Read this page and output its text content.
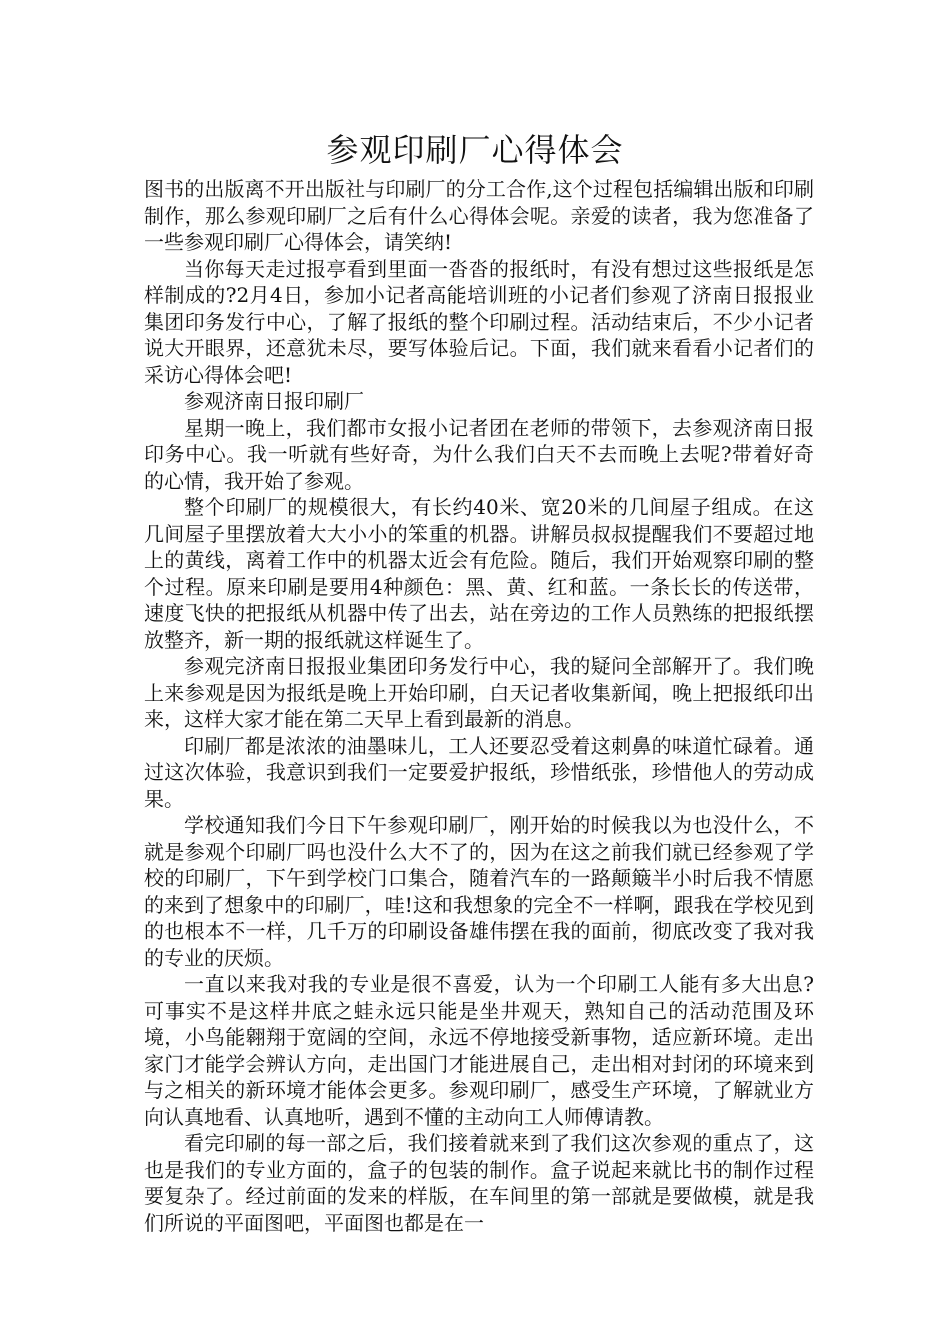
参观印刷厂心得体会

图书的出版离不开出版社与印刷厂的分工合作,这个过程包括编辑出版和印刷制作，那么参观印刷厂之后有什么心得体会呢。亲爱的读者，我为您准备了一些参观印刷厂心得体会，请笑纳!

当你每天走过报亭看到里面一沓沓的报纸时，有没有想过这些报纸是怎样制成的?2月4日，参加小记者高能培训班的小记者们参观了济南日报报业集团印务发行中心，了解了报纸的整个印刷过程。活动结束后，不少小记者说大开眼界，还意犹未尽，要写体验后记。下面，我们就来看看小记者们的采访心得体会吧!

参观济南日报印刷厂

星期一晚上，我们都市女报小记者团在老师的带领下，去参观济南日报印务中心。我一听就有些好奇，为什么我们白天不去而晚上去呢?带着好奇的心情，我开始了参观。

整个印刷厂的规模很大，有长约40米、宽20米的几间屋子组成。在这几间屋子里摆放着大大小小的笨重的机器。讲解员叔叔提醒我们不要超过地上的黄线，离着工作中的机器太近会有危险。随后，我们开始观察印刷的整个过程。原来印刷是要用4种颜色：黑、黄、红和蓝。一条长长的传送带，速度飞快的把报纸从机器中传了出去，站在旁边的工作人员熟练的把报纸摆放整齐，新一期的报纸就这样诞生了。

参观完济南日报报业集团印务发行中心，我的疑问全部解开了。我们晚上来参观是因为报纸是晚上开始印刷，白天记者收集新闻，晚上把报纸印出来，这样大家才能在第二天早上看到最新的消息。

印刷厂都是浓浓的油墨味儿，工人还要忍受着这刺鼻的味道忙碌着。通过这次体验，我意识到我们一定要爱护报纸，珍惜纸张，珍惜他人的劳动成果。

学校通知我们今日下午参观印刷厂，刚开始的时候我以为也没什么，不就是参观个印刷厂吗也没什么大不了的，因为在这之前我们就已经参观了学校的印刷厂，下午到学校门口集合，随着汽车的一路颠簸半小时后我不情愿的来到了想象中的印刷厂，哇!这和我想象的完全不一样啊，跟我在学校见到的也根本不一样，几千万的印刷设备雄伟摆在我的面前，彻底改变了我对我的专业的厌烦。

一直以来我对我的专业是很不喜爱，认为一个印刷工人能有多大出息?可事实不是这样井底之蛙永远只能是坐井观天，熟知自己的活动范围及环境，小鸟能翱翔于宽阔的空间，永远不停地接受新事物，适应新环境。走出家门才能学会辨认方向，走出国门才能进展自己，走出相对封闭的环境来到与之相关的新环境才能体会更多。参观印刷厂，感受生产环境，了解就业方向认真地看、认真地听，遇到不懂的主动向工人师傅请教。

看完印刷的每一部之后，我们接着就来到了我们这次参观的重点了，这也是我们的专业方面的，盒子的包装的制作。盒子说起来就比书的制作过程要复杂了。经过前面的发来的样版，在车间里的第一部就是要做模，就是我们所说的平面图吧，平面图也都是在一
